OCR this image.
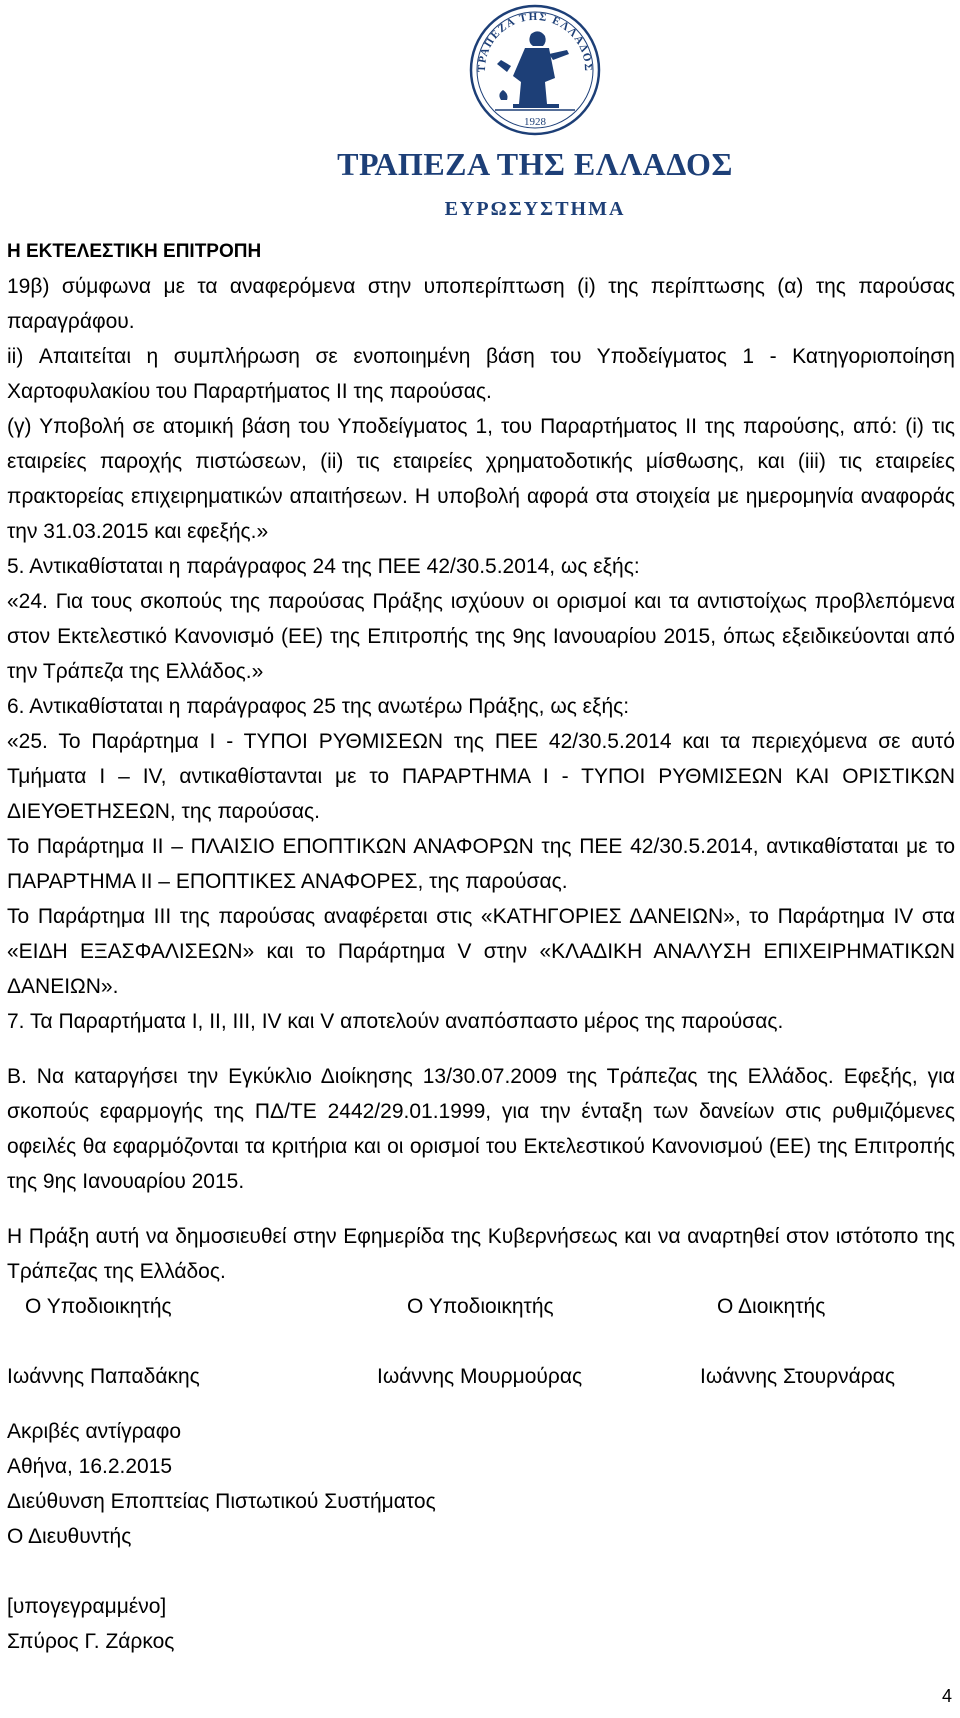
ΤΡΑΠΕΖΑ ΤΗΣ ΕΛΛΑΔΟΣ
1928
ΤΡΑΠΕΖΑ ΤΗΣ ΕΛΛΑΔΟΣ
ΕΥΡΩΣΥΣΤΗΜΑ
Η ΕΚΤΕΛΕΣΤΙΚΗ ΕΠΙΤΡΟΠΗ

19β) σύμφωνα με τα αναφερόμενα στην υποπερίπτωση (i) της περίπτωσης (α) της παρούσας παραγράφου.

ii) Απαιτείται η συμπλήρωση σε ενοποιημένη βάση του Υποδείγματος 1 - Κατηγοριοποίηση Χαρτοφυλακίου του Παραρτήματος ΙΙ της παρούσας.

(γ) Υποβολή σε ατομική βάση του Υποδείγματος 1, του Παραρτήματος ΙΙ της παρούσης, από: (i) τις εταιρείες παροχής πιστώσεων, (ii) τις εταιρείες χρηματοδοτικής μίσθωσης, και (iii) τις εταιρείες πρακτορείας επιχειρηματικών απαιτήσεων. Η υποβολή αφορά στα στοιχεία με ημερομηνία αναφοράς την 31.03.2015 και εφεξής.»

5. Αντικαθίσταται η παράγραφος 24 της ΠΕΕ 42/30.5.2014, ως εξής:

«24. Για τους σκοπούς της παρούσας Πράξης ισχύουν οι ορισμοί και τα αντιστοίχως προβλεπόμενα στον Εκτελεστικό Κανονισμό (ΕΕ) της Επιτροπής της 9ης Ιανουαρίου 2015, όπως εξειδικεύονται από την Τράπεζα της Ελλάδος.»

6. Αντικαθίσταται η παράγραφος 25 της ανωτέρω Πράξης, ως εξής:

«25. Το Παράρτημα Ι - ΤΥΠΟΙ ΡΥΘΜΙΣΕΩΝ της ΠΕΕ 42/30.5.2014 και τα περιεχόμενα σε αυτό Τμήματα Ι – ΙV, αντικαθίστανται με το ΠΑΡΑΡΤΗΜΑ Ι - ΤΥΠΟΙ ΡΥΘΜΙΣΕΩΝ ΚΑΙ ΟΡΙΣΤΙΚΩΝ ΔΙΕΥΘΕΤΗΣΕΩΝ, της παρούσας.

Το Παράρτημα ΙΙ – ΠΛΑΙΣΙΟ ΕΠΟΠΤΙΚΩΝ ΑΝΑΦΟΡΩΝ της ΠΕΕ 42/30.5.2014, αντικαθίσταται με το ΠΑΡΑΡΤΗΜΑ ΙΙ – ΕΠΟΠΤΙΚΕΣ ΑΝΑΦΟΡΕΣ, της παρούσας.

Το Παράρτημα ΙΙΙ της παρούσας αναφέρεται στις «ΚΑΤΗΓΟΡΙΕΣ ΔΑΝΕΙΩΝ», το Παράρτημα ΙV στα «ΕΙΔΗ ΕΞΑΣΦΑΛΙΣΕΩΝ» και το Παράρτημα V στην «ΚΛΑΔΙΚΗ ΑΝΑΛΥΣΗ ΕΠΙΧΕΙΡΗΜΑΤΙΚΩΝ ΔΑΝΕΙΩΝ».

7. Τα Παραρτήματα Ι, ΙΙ, ΙΙΙ, ΙV και V αποτελούν αναπόσπαστο μέρος της παρούσας.

Β. Να καταργήσει την Εγκύκλιο Διοίκησης 13/30.07.2009 της Τράπεζας της Ελλάδος. Εφεξής, για σκοπούς εφαρμογής της ΠΔ/ΤΕ 2442/29.01.1999, για την ένταξη των δανείων στις ρυθμιζόμενες οφειλές θα εφαρμόζονται τα κριτήρια και οι ορισμοί του Εκτελεστικού Κανονισμού (ΕΕ) της Επιτροπής της 9ης Ιανουαρίου 2015.

Η Πράξη αυτή να δημοσιευθεί στην Εφημερίδα της Κυβερνήσεως και να αναρτηθεί στον ιστότοπο της Τράπεζας της Ελλάδος.

Ο Υποδιοικητής	Ο Υποδιοικητής	Ο Διοικητής
Ιωάννης Παπαδάκης	Ιωάννης Μουρμούρας	Ιωάννης Στουρνάρας

Ακριβές αντίγραφο

Αθήνα, 16.2.2015

Διεύθυνση Εποπτείας Πιστωτικού Συστήματος

Ο Διευθυντής

[υπογεγραμμένο]

Σπύρος Γ. Ζάρκος

4
